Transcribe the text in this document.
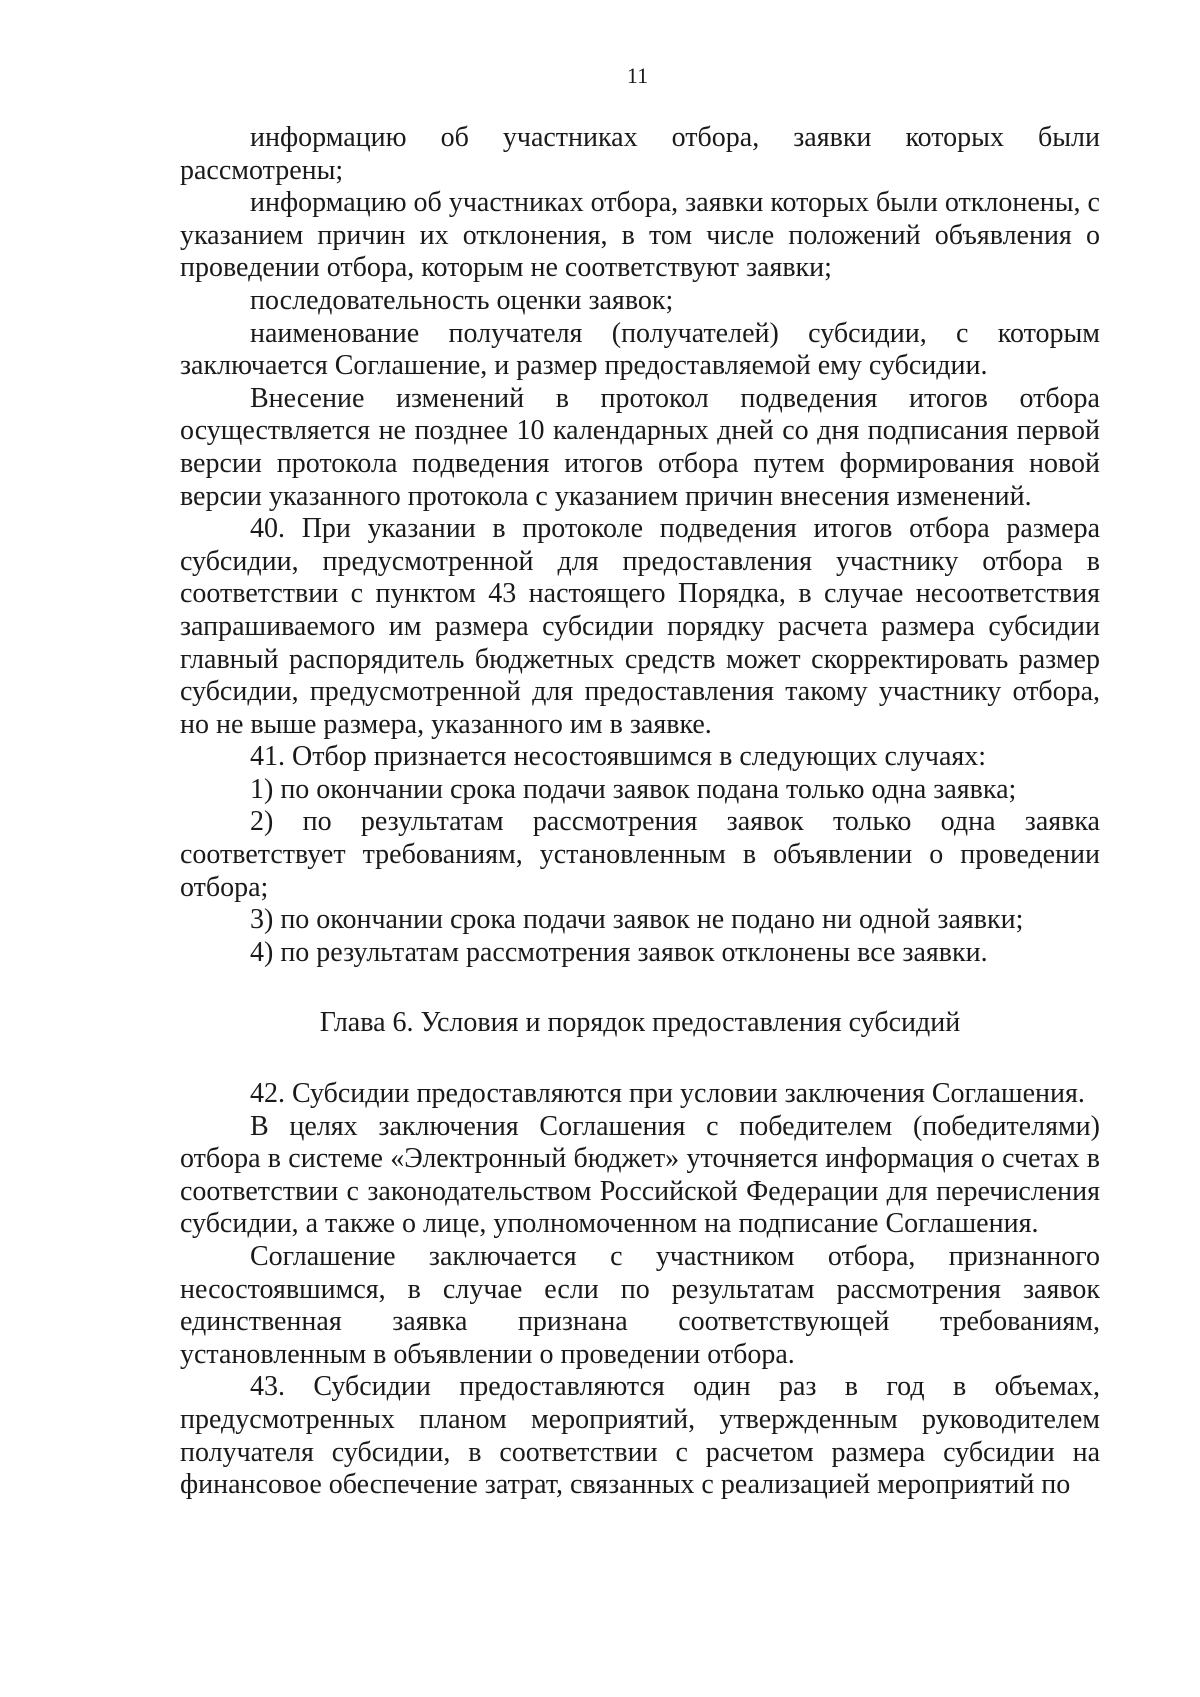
11

информацию об участниках отбора, заявки которых были рассмотрены;

информацию об участниках отбора, заявки которых были отклонены, с указанием причин их отклонения, в том числе положений объявления о проведении отбора, которым не соответствуют заявки;

последовательность оценки заявок;

наименование получателя (получателей) субсидии, с которым заключается Соглашение, и размер предоставляемой ему субсидии.

Внесение изменений в протокол подведения итогов отбора осуществляется не позднее 10 календарных дней со дня подписания первой версии протокола подведения итогов отбора путем формирования новой версии указанного протокола с указанием причин внесения изменений.

40. При указании в протоколе подведения итогов отбора размера субсидии, предусмотренной для предоставления участнику отбора в соответствии с пунктом 43 настоящего Порядка, в случае несоответствия запрашиваемого им размера субсидии порядку расчета размера субсидии главный распорядитель бюджетных средств может скорректировать размер субсидии, предусмотренной для предоставления такому участнику отбора, но не выше размера, указанного им в заявке.

41. Отбор признается несостоявшимся в следующих случаях:

1) по окончании срока подачи заявок подана только одна заявка;

2) по результатам рассмотрения заявок только одна заявка соответствует требованиям, установленным в объявлении о проведении отбора;

3) по окончании срока подачи заявок не подано ни одной заявки;

4) по результатам рассмотрения заявок отклонены все заявки.

Глава 6. Условия и порядок предоставления субсидий

42. Субсидии предоставляются при условии заключения Соглашения.

В целях заключения Соглашения с победителем (победителями) отбора в системе «Электронный бюджет» уточняется информация о счетах в соответствии с законодательством Российской Федерации для перечисления субсидии, а также о лице, уполномоченном на подписание Соглашения.

Соглашение заключается с участником отбора, признанного несостоявшимся, в случае если по результатам рассмотрения заявок единственная заявка признана соответствующей требованиям, установленным в объявлении о проведении отбора.

43. Субсидии предоставляются один раз в год в объемах, предусмотренных планом мероприятий, утвержденным руководителем получателя субсидии, в соответствии с расчетом размера субсидии на финансовое обеспечение затрат, связанных с реализацией мероприятий по
